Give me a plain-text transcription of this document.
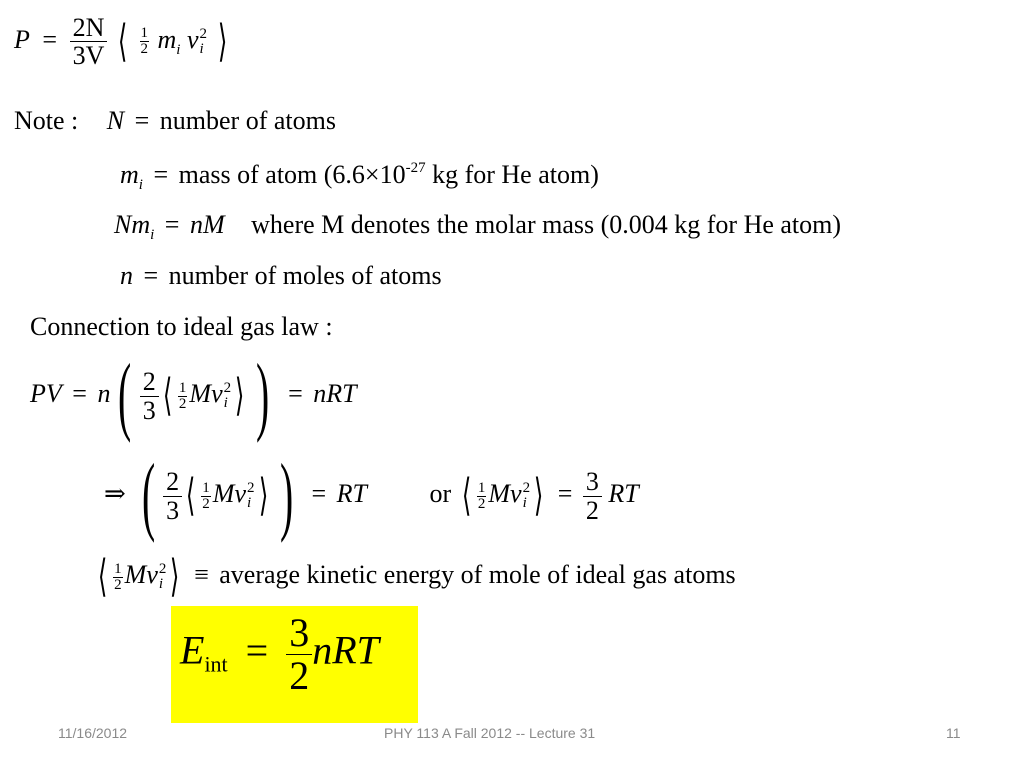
$P = \frac{2N}{3V}$ ⟨ $\frac{1}{2} m_i$ v 2
i ⟩
Note : N = number of atoms
$m_i$ = mass of atom ($6.6\times 10^{-27}$ kg for He atom)
$Nm_i$ = nM where M denotes the molar mass (0.004 kg for He atom)
n = number of moles of atoms
Connection to ideal gas law :
PV = $n( \frac{2}{3}$ ⟨ $\frac{1}{2}$ Mv 2
i ⟩ ) = nRT
⇒ ( $\frac{2}{3}$ ⟨ $\frac{1}{2}$ Mv 2
i ⟩ ) = RT or ⟨ $\frac{1}{2}$ Mv 2
i ⟩ = $\frac{3}{2}$ RT
⟨ $\frac{1}{2}$ Mv 2
i ⟩ ≡ average kinetic energy of mole of ideal gas atoms
$E_{int} = \frac{3}{2}$ nRT
11/16/2012	PHY 113 A Fall 2012 -- Lecture 31	11
